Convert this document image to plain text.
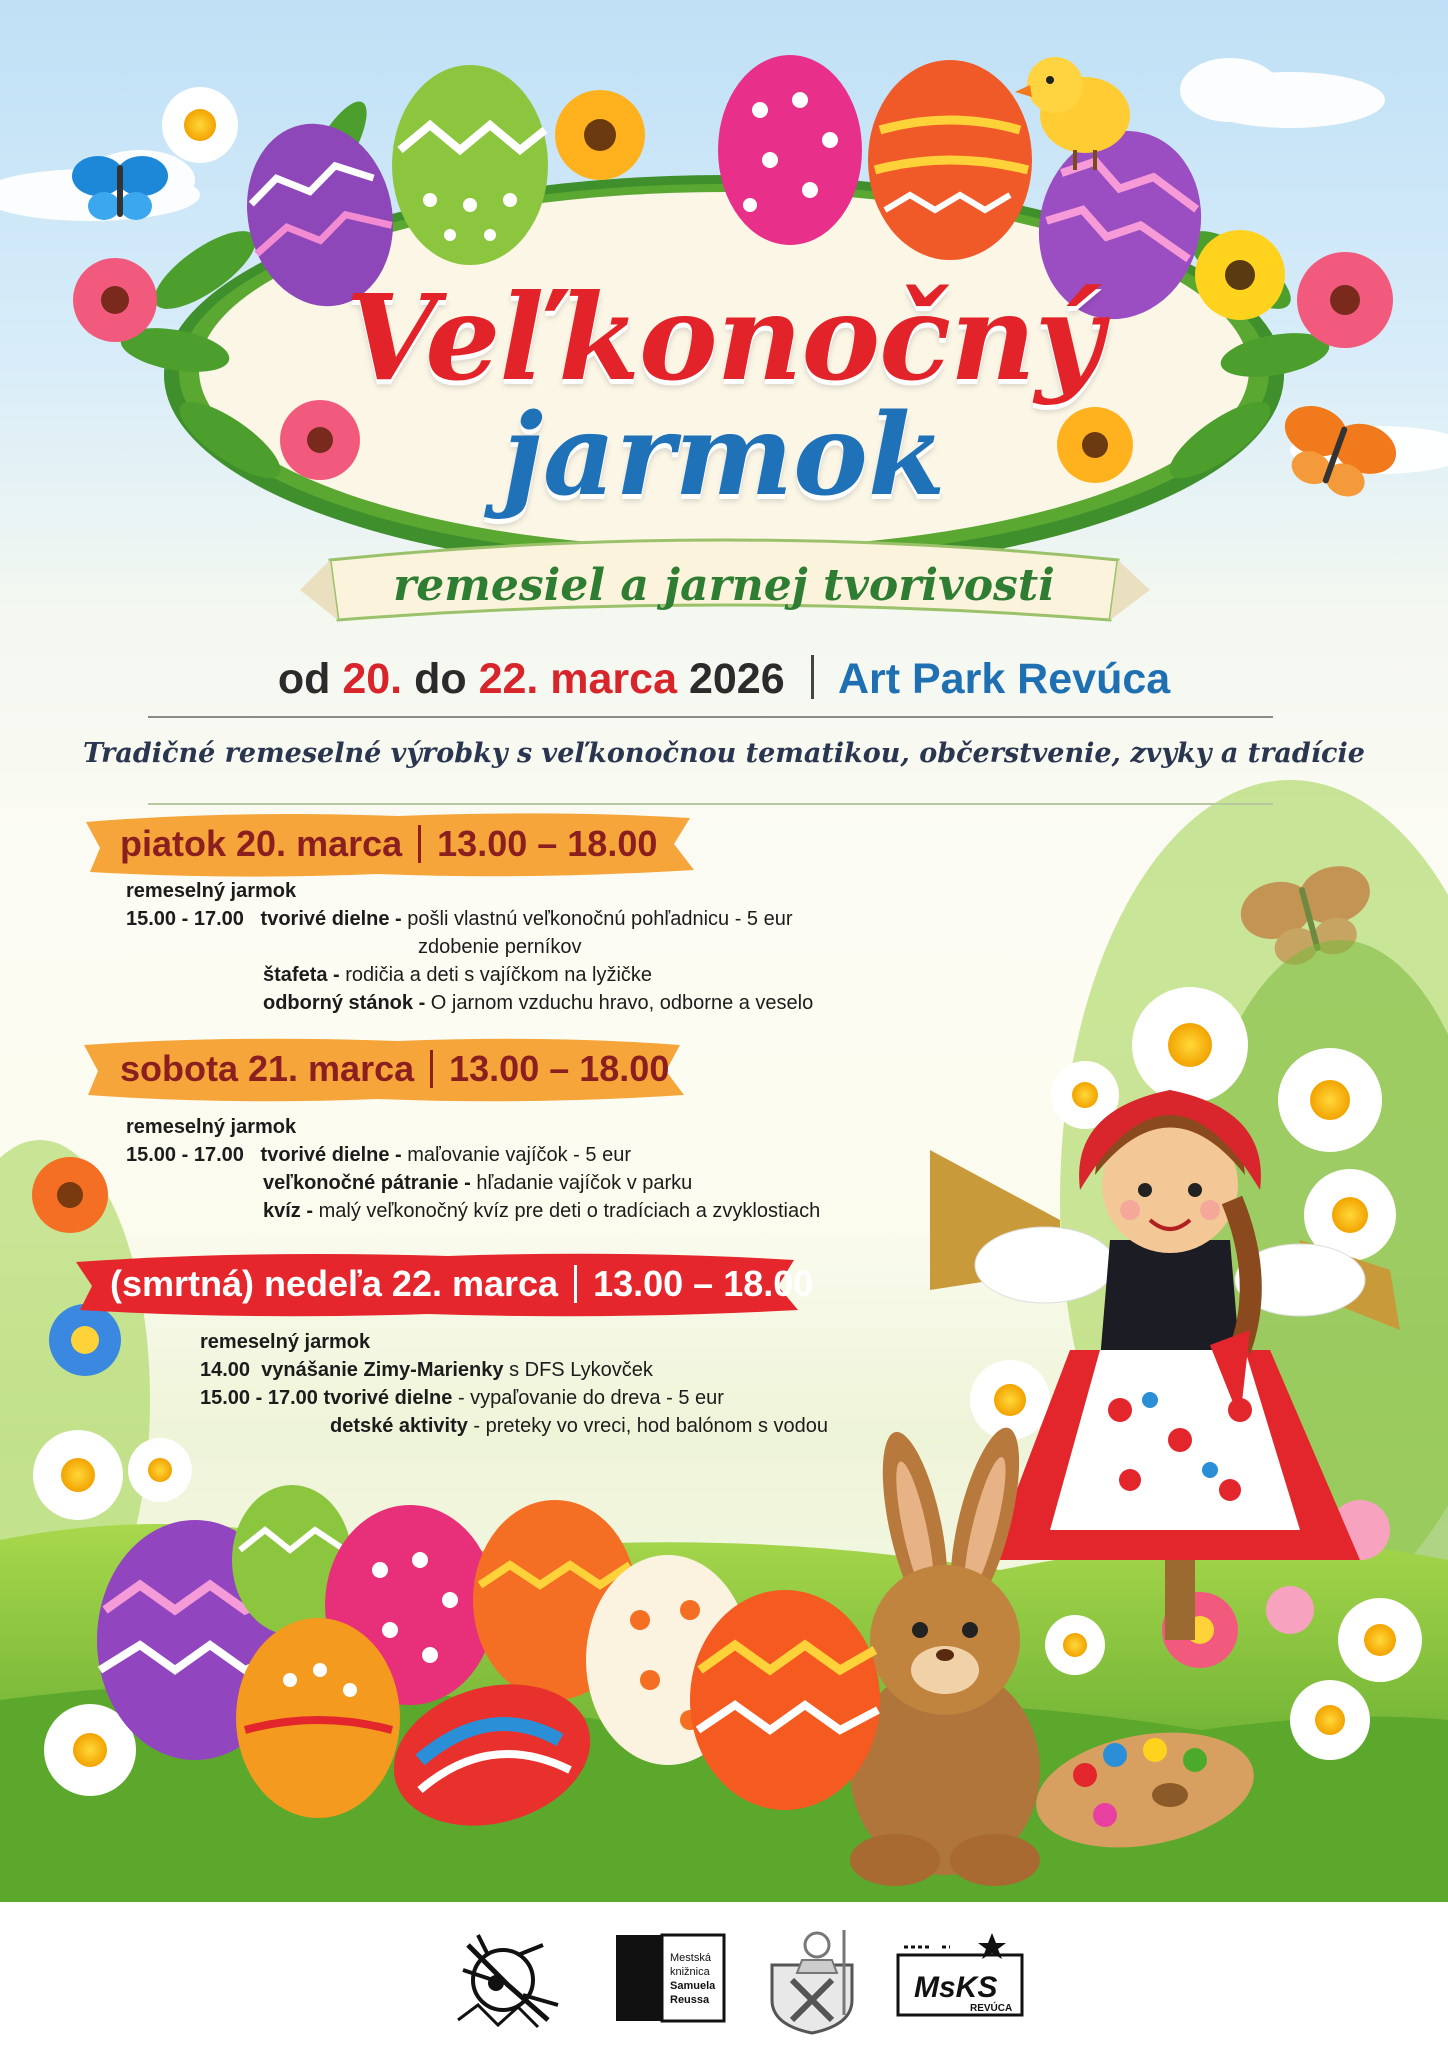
Veľkonočný
jarmok
remesiel a jarnej tvorivosti
od 20. do 22. marca 2026 Art Park Revúca
Tradičné remeselné výrobky s veľkonočnou tematikou, občerstvenie, zvyky a tradície
piatok 20. marca 13.00 – 18.00
remeselný jarmok
15.00 - 17.00 tvorivé dielne - pošli vlastnú veľkonočnú pohľadnicu - 5 eur
zdobenie perníkov
štafeta - rodičia a deti s vajíčkom na lyžičke
odborný stánok - O jarnom vzduchu hravo, odborne a veselo
sobota 21. marca 13.00 – 18.00
remeselný jarmok
15.00 - 17.00 tvorivé dielne - maľovanie vajíčok - 5 eur
veľkonočné pátranie - hľadanie vajíčok v parku
kvíz - malý veľkonočný kvíz pre deti o tradíciach a zvyklostiach
(smrtná) nedeľa 22. marca 13.00 – 18.00
remeselný jarmok
14.00 vynášanie Zimy-Marienky s DFS Lykovček
15.00 - 17.00 tvorivé dielne - vypaľovanie do dreva - 5 eur
detské aktivity - preteky vo vreci, hod balónom s vodou
Mestská
knižnica
Samuela
Reussa	MsKS
REVÚCA
